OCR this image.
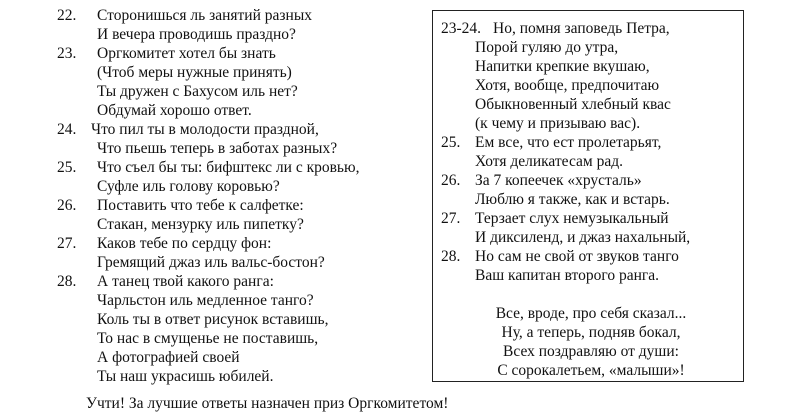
22. Сторонишься ль занятий разных
И вечера проводишь праздно?
23. Оргкомитет хотел бы знать
(Чтоб меры нужные принять)
Ты дружен с Бахусом иль нет?
Обдумай хорошо ответ.
24. Что пил ты в молодости праздной,
Что пьешь теперь в заботах разных?
25. Что съел бы ты: бифштекс ли с кровью,
Суфле иль голову коровью?
26. Поставить что тебе к салфетке:
Стакан, мензурку иль пипетку?
27. Каков тебе по сердцу фон:
Гремящий джаз иль вальс-бостон?
28. А танец твой какого ранга:
Чарльстон иль медленное танго?
Коль ты в ответ рисунок вставишь,
То нас в смущенье не поставишь,
А фотографией своей
Ты наш украсишь юбилей.
23-24. Но, помня заповедь Петра,
Порой гуляю до утра,
Напитки крепкие вкушаю,
Хотя, вообще, предпочитаю
Обыкновенный хлебный квас
(к чему и призываю вас).
25. Ем все, что ест пролетарьят,
Хотя деликатесам рад.
26. За 7 копеечек «хрусталь»
Люблю я также, как и встарь.
27. Терзает слух немузыкальный
И диксиленд, и джаз нахальный,
28. Но сам не свой от звуков танго
Ваш капитан второго ранга.
Все, вроде, про себя сказал...
Ну, а теперь, подняв бокал,
Всех поздравляю от души:
С сорокалетьем, «малыши»!
Учти! За лучшие ответы назначен приз Оргкомитетом!
